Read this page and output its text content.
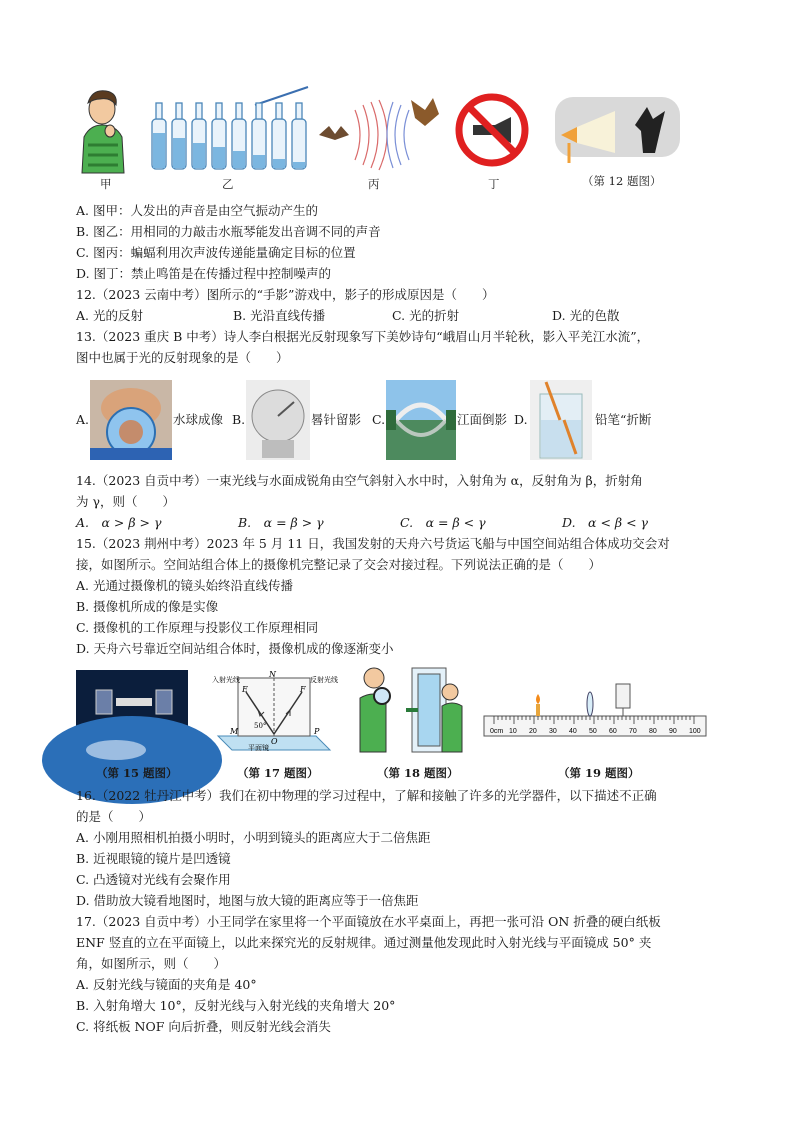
甲	乙	丙	丁	（第 12 题图）
A. 图甲：人发出的声音是由空气振动产生的
B. 图乙：用相同的力敲击水瓶琴能发出音调不同的声音
C. 图丙：蝙蝠利用次声波传递能量确定目标的位置
D. 图丁：禁止鸣笛是在传播过程中控制噪声的
12.（2023 云南中考）图所示的“手影”游戏中，影子的形成原因是（　　）
A. 光的反射	B. 光沿直线传播	C. 光的折射	D. 光的色散
13.（2023 重庆 B 中考）诗人李白根据光反射现象写下美妙诗句“峨眉山月半轮秋，影入平羌江水流”，
图中也属于光的反射现象的是（　　）
A.	水球成像 B.	晷针留影 C.	江面倒影 D.	铅笔“折断
14.（2023 自贡中考）一束光线与水面成锐角由空气斜射入水中时，入射角为 α，反射角为 β，折射角
为 γ，则（　　）
A.　α > β > γ	B.　α = β > γ	C.　α = β < γ	D.　α < β < γ
15.（2023 荆州中考）2023 年 5 月 11 日，我国发射的天舟六号货运飞船与中国空间站组合体成功交会对
接，如图所示。空间站组合体上的摄像机完整记录了交会对接过程。下列说法正确的是（　　）
A. 光通过摄像机的镜头始终沿直线传播
B. 摄像机所成的像是实像
C. 摄像机的工作原理与投影仪工作原理相同
D. 天舟六号靠近空间站组合体时，摄像机成的像逐渐变小
入射光线	反射光线
E
N
F
M
O
P
50°
平面镜
0cm 10 20 30 40 50 60 70 80 90 100
（第 15 题图）	（第 17 题图）	（第 18 题图）	（第 19 题图）
16.（2022 牡丹江中考）我们在初中物理的学习过程中，了解和接触了许多的光学器件，以下描述不正确
的是（　　）
A. 小刚用照相机拍摄小明时，小明到镜头的距离应大于二倍焦距
B. 近视眼镜的镜片是凹透镜
C. 凸透镜对光线有会聚作用
D. 借助放大镜看地图时，地图与放大镜的距离应等于一倍焦距
17.（2023 自贡中考）小王同学在家里将一个平面镜放在水平桌面上，再把一张可沿 ON 折叠的硬白纸板
ENF 竖直的立在平面镜上，以此来探究光的反射规律。通过测量他发现此时入射光线与平面镜成 50° 夹
角，如图所示，则（　　）
A. 反射光线与镜面的夹角是 40°
B. 入射角增大 10°，反射光线与入射光线的夹角增大 20°
C. 将纸板 NOF 向后折叠，则反射光线会消失
